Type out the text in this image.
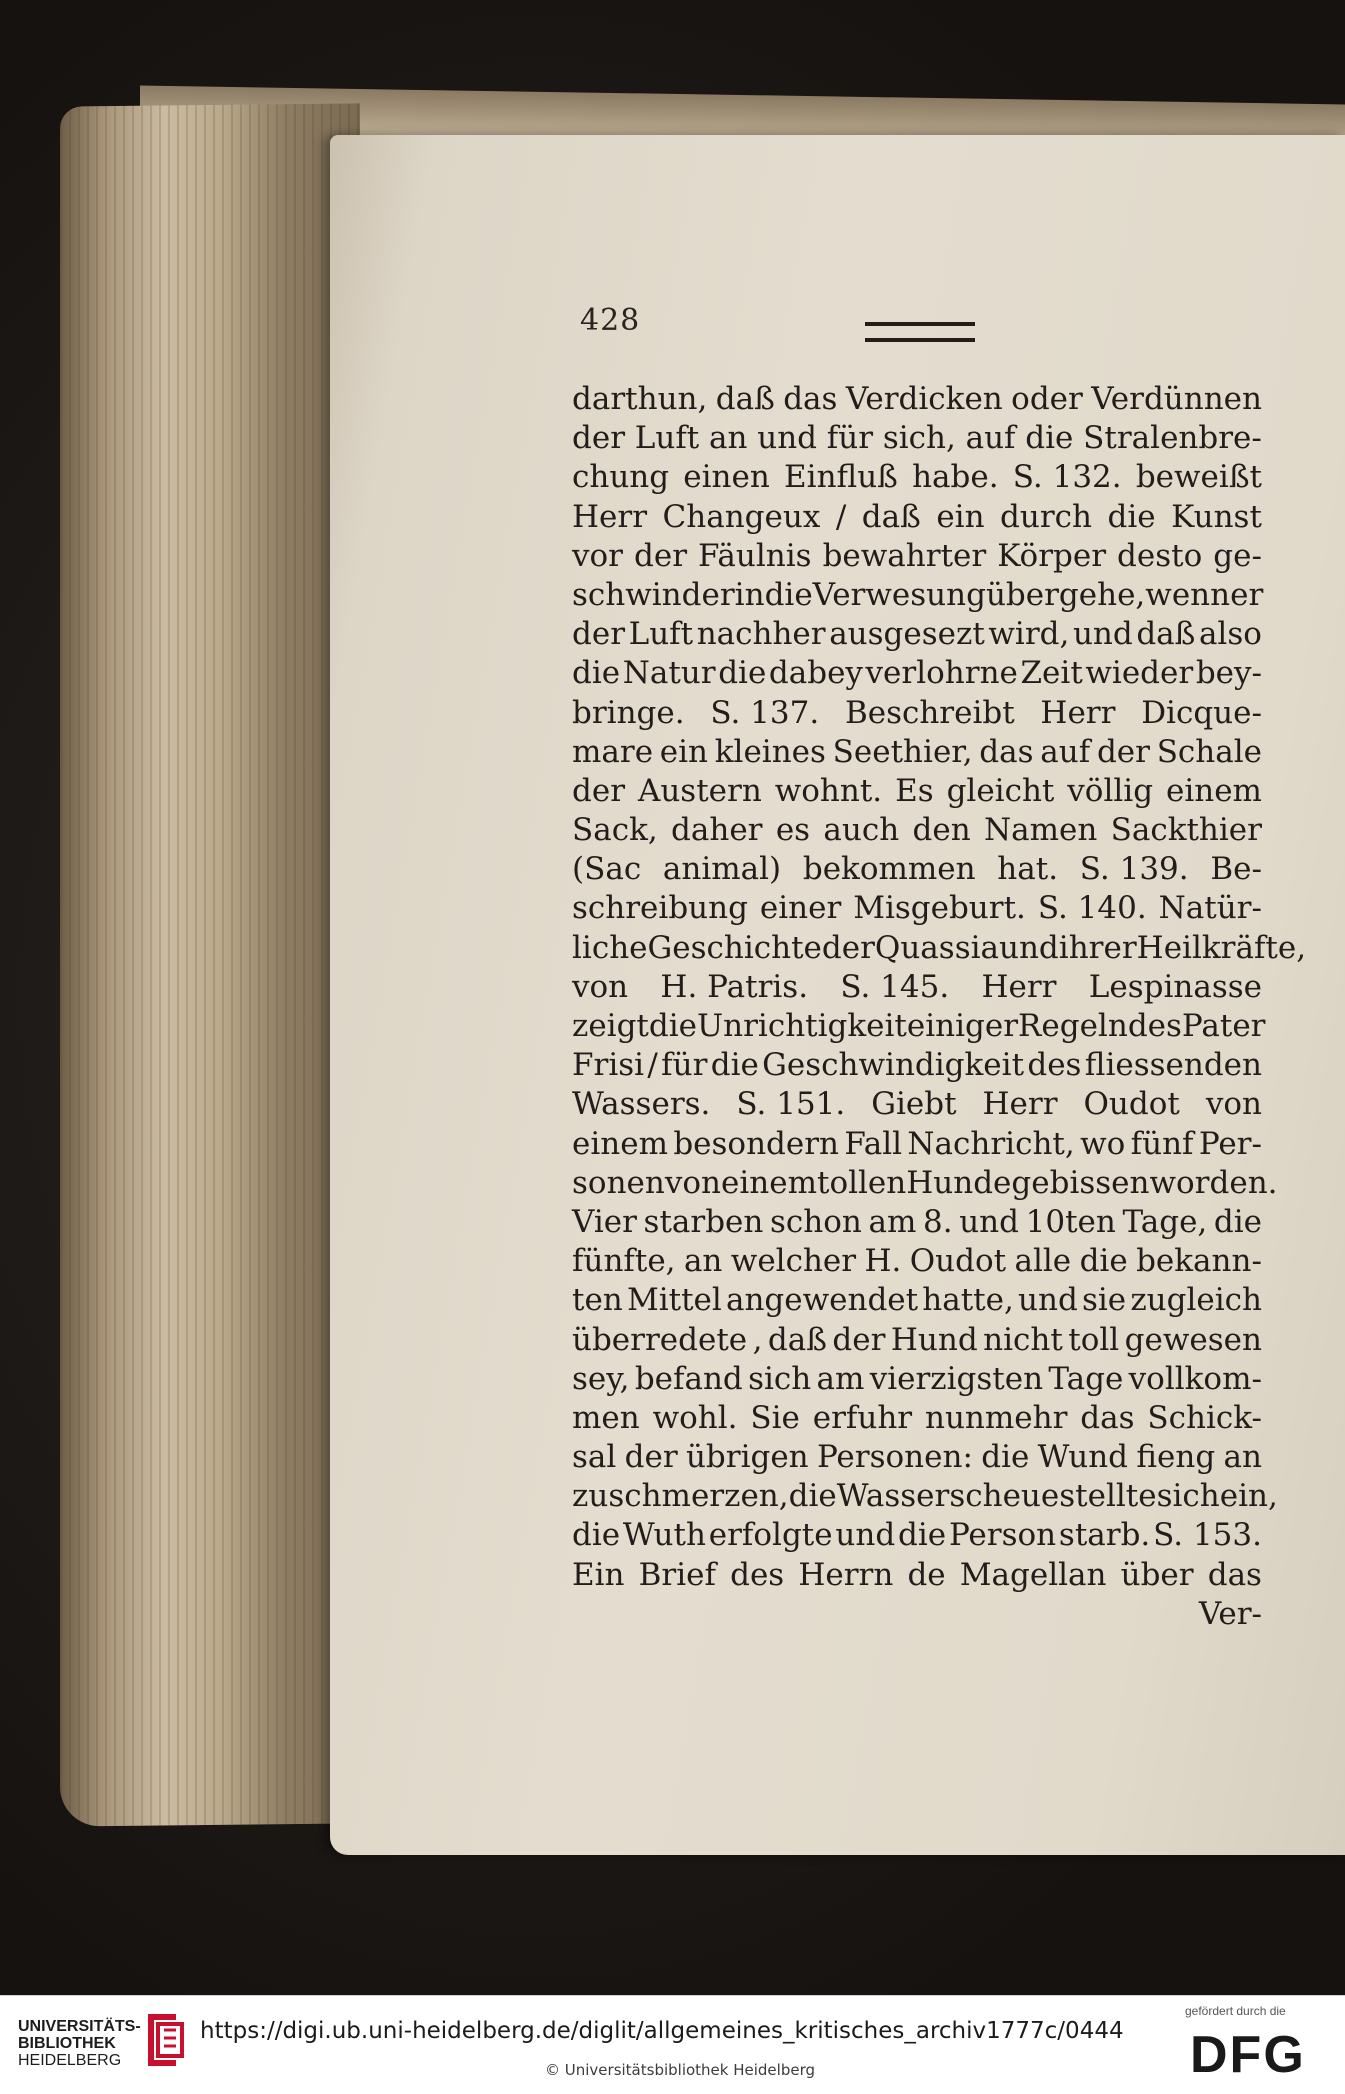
428
darthun, daß das Verdicken oder Verdünnen
der Luft an und für sich, auf die Stralenbre-
chung einen Einfluß habe. S. 132. beweißt
Herr Changeux / daß ein durch die Kunst
vor der Fäulnis bewahrter Körper desto ge-
schwinder in die Verwesung übergehe, wenn er
der Luft nachher ausgesezt wird, und daß also
die Natur die dabey verlohrne Zeit wieder bey-
bringe. S. 137. Beschreibt Herr Dicque-
mare ein kleines Seethier, das auf der Schale
der Austern wohnt. Es gleicht völlig einem
Sack, daher es auch den Namen Sackthier
(Sac animal) bekommen hat. S. 139. Be-
schreibung einer Misgeburt. S. 140. Natür-
liche Geschichte der Quassia und ihrer Heilkräfte,
von H. Patris. S. 145. Herr Lespinasse
zeigt die Unrichtigkeit einiger Regeln des Pater
Frisi / für die Geschwindigkeit des fliessenden
Wassers. S. 151. Giebt Herr Oudot von
einem besondern Fall Nachricht, wo fünf Per-
sonen von einem tollen Hunde gebissen worden.
Vier starben schon am 8. und 10ten Tage, die
fünfte, an welcher H. Oudot alle die bekann-
ten Mittel angewendet hatte, und sie zugleich
überredete , daß der Hund nicht toll gewesen
sey, befand sich am vierzigsten Tage vollkom-
men wohl. Sie erfuhr nunmehr das Schick-
sal der übrigen Personen: die Wund fieng an
zu schmerzen, die Wasserscheue stellte sich ein,
die Wuth erfolgte und die Person starb. S. 153.
Ein Brief des Herrn de Magellan über das
Ver-
UNIVERSITÄTS-
BIBLIOTHEK
HEIDELBERG
https://digi.ub.uni-heidelberg.de/diglit/allgemeines_kritisches_archiv1777c/0444
© Universitätsbibliothek Heidelberg
gefördert durch die
DFG
